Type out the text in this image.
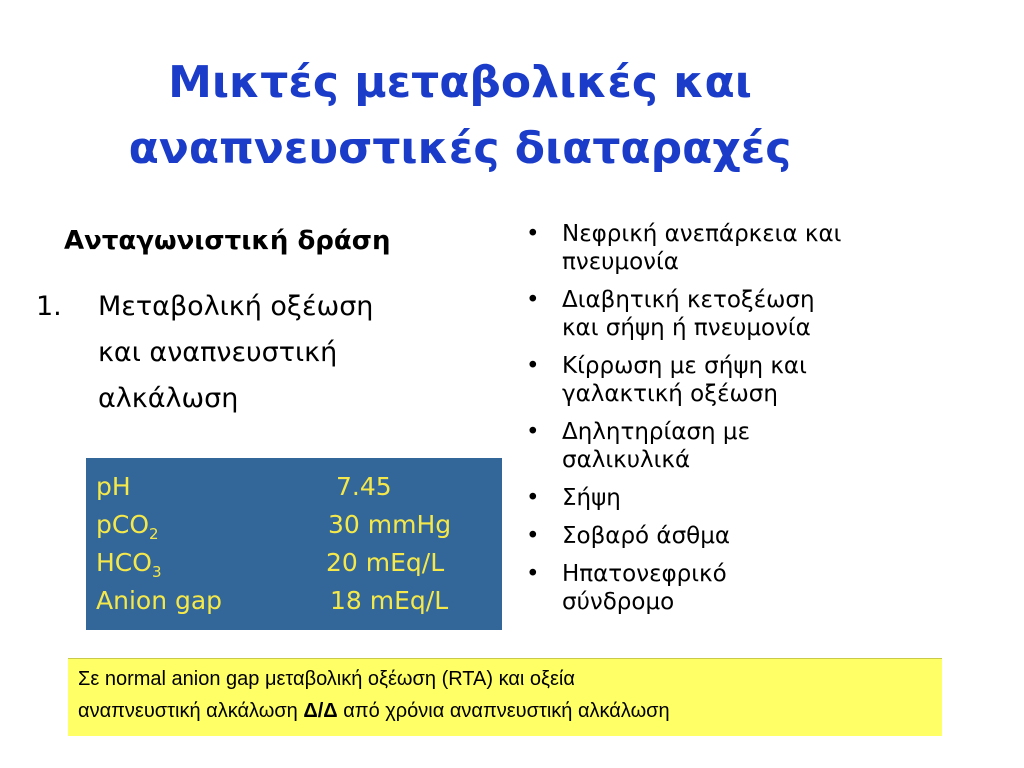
Μικτές μεταβολικές και
αναπνευστικές διαταραχές
Ανταγωνιστική δράση
1. Μεταβολική οξέωση
και αναπνευστική
αλκάλωση
pH	7.45
pCO$_2$	30 mmHg
$HCO_3$	20 mEq/L
Anion gap	18 mEq/L
• Νεφρική ανεπάρκεια και
πνευμονία
• Διαβητική κετοξέωση
και σήψη ή πνευμονία
• Κίρρωση με σήψη και
γαλακτική οξέωση
• Δηλητηρίαση με
σαλικυλικά
• Σήψη
• Σοβαρό άσθμα
• Ηπατονεφρικό
σύνδρομο
Σε normal anion gap μεταβολική οξέωση (RTA) και οξεία
αναπνευστική αλκάλωση Δ/Δ από χρόνια αναπνευστική αλκάλωση
